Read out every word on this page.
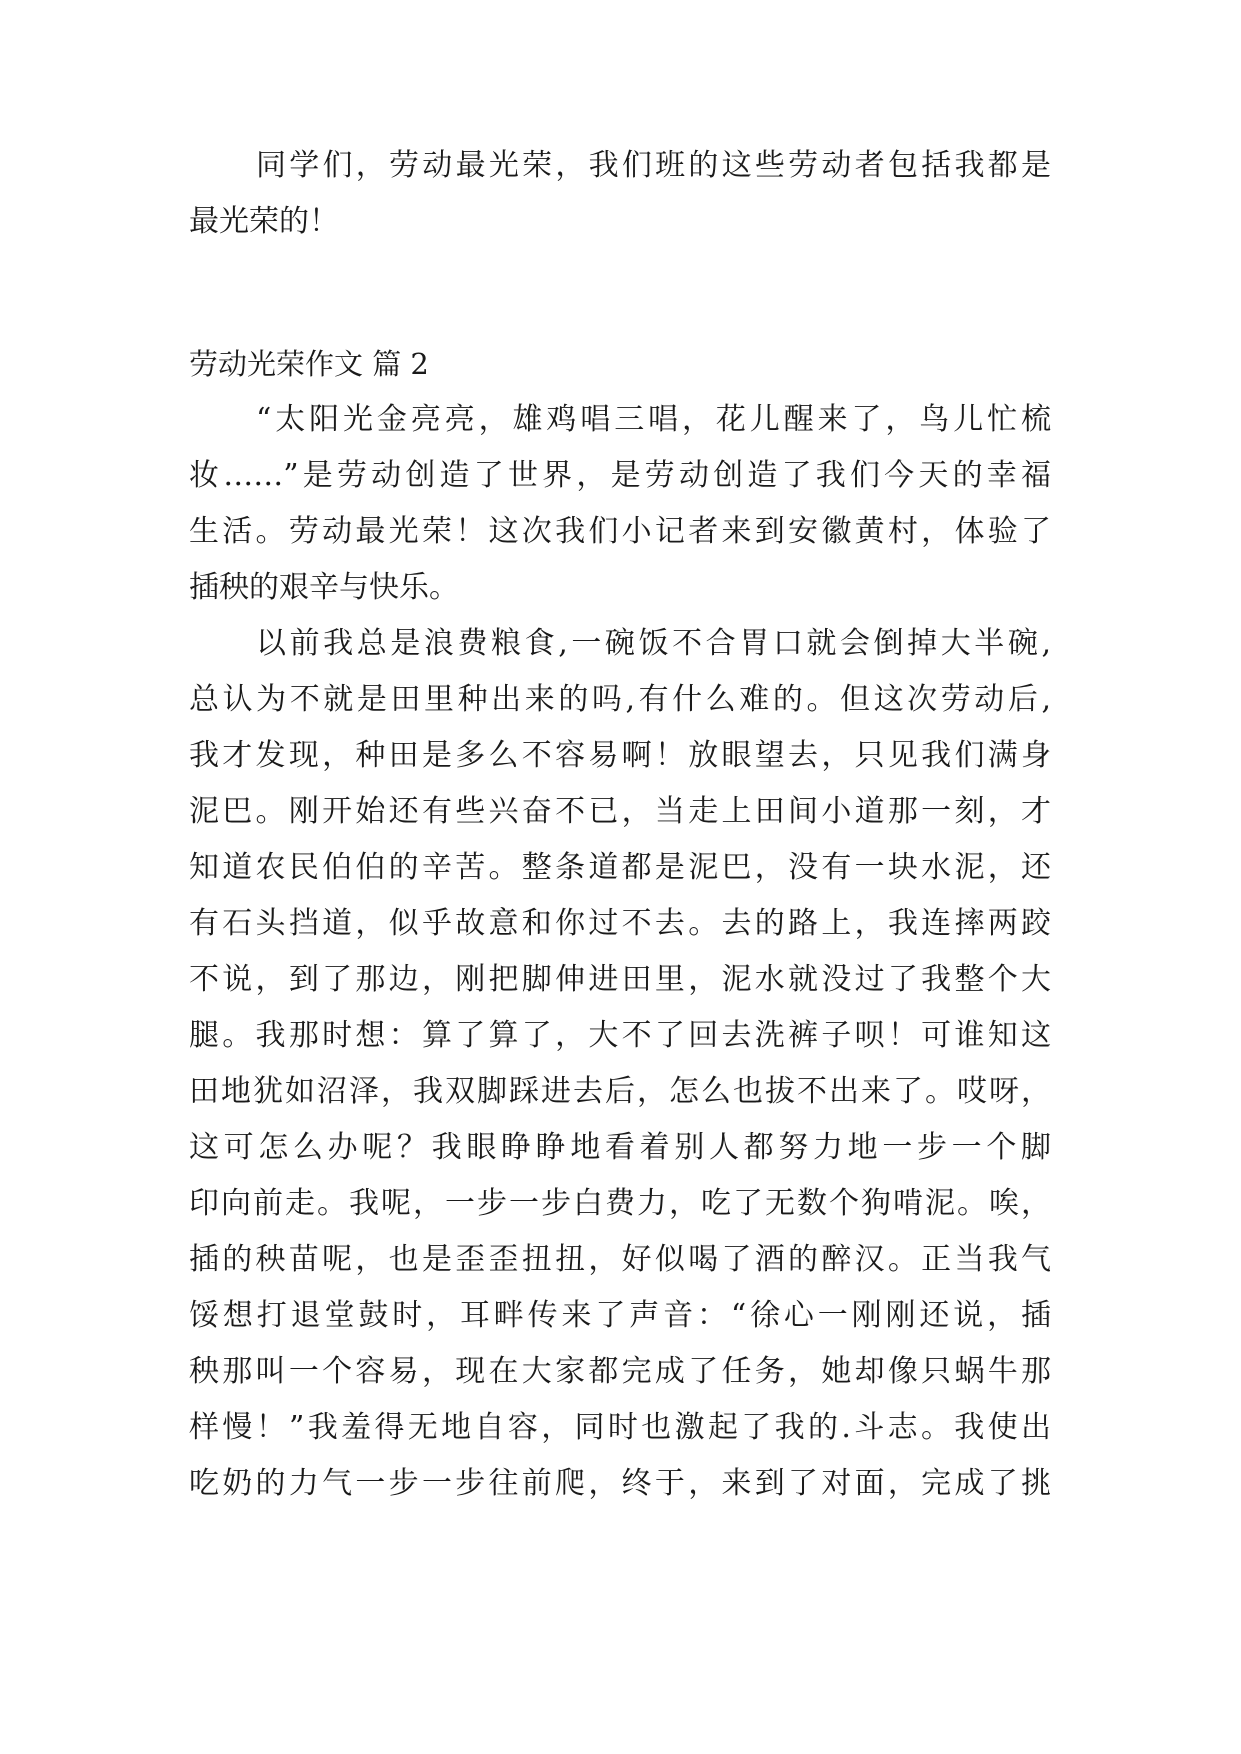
同学们，劳动最光荣，我们班的这些劳动者包括我都是
最光荣的！
劳动光荣作文 篇 2
“太阳光金亮亮，雄鸡唱三唱，花儿醒来了，鸟儿忙梳
妆……”是劳动创造了世界，是劳动创造了我们今天的幸福
生活。劳动最光荣！这次我们小记者来到安徽黄村，体验了
插秧的艰辛与快乐。
以前我总是浪费粮食,一碗饭不合胃口就会倒掉大半碗,
总认为不就是田里种出来的吗,有什么难的。但这次劳动后,
我才发现，种田是多么不容易啊！放眼望去，只见我们满身
泥巴。刚开始还有些兴奋不已，当走上田间小道那一刻，才
知道农民伯伯的辛苦。整条道都是泥巴，没有一块水泥，还
有石头挡道，似乎故意和你过不去。去的路上，我连摔两跤
不说，到了那边，刚把脚伸进田里，泥水就没过了我整个大
腿。我那时想：算了算了，大不了回去洗裤子呗！可谁知这
田地犹如沼泽，我双脚踩进去后，怎么也拔不出来了。哎呀，
这可怎么办呢？我眼睁睁地看着别人都努力地一步一个脚
印向前走。我呢，一步一步白费力，吃了无数个狗啃泥。唉，
插的秧苗呢，也是歪歪扭扭，好似喝了酒的醉汉。正当我气
馁想打退堂鼓时，耳畔传来了声音：“徐心一刚刚还说，插
秧那叫一个容易，现在大家都完成了任务，她却像只蜗牛那
样慢！”我羞得无地自容，同时也激起了我的.斗志。我使出
吃奶的力气一步一步往前爬，终于，来到了对面，完成了挑
